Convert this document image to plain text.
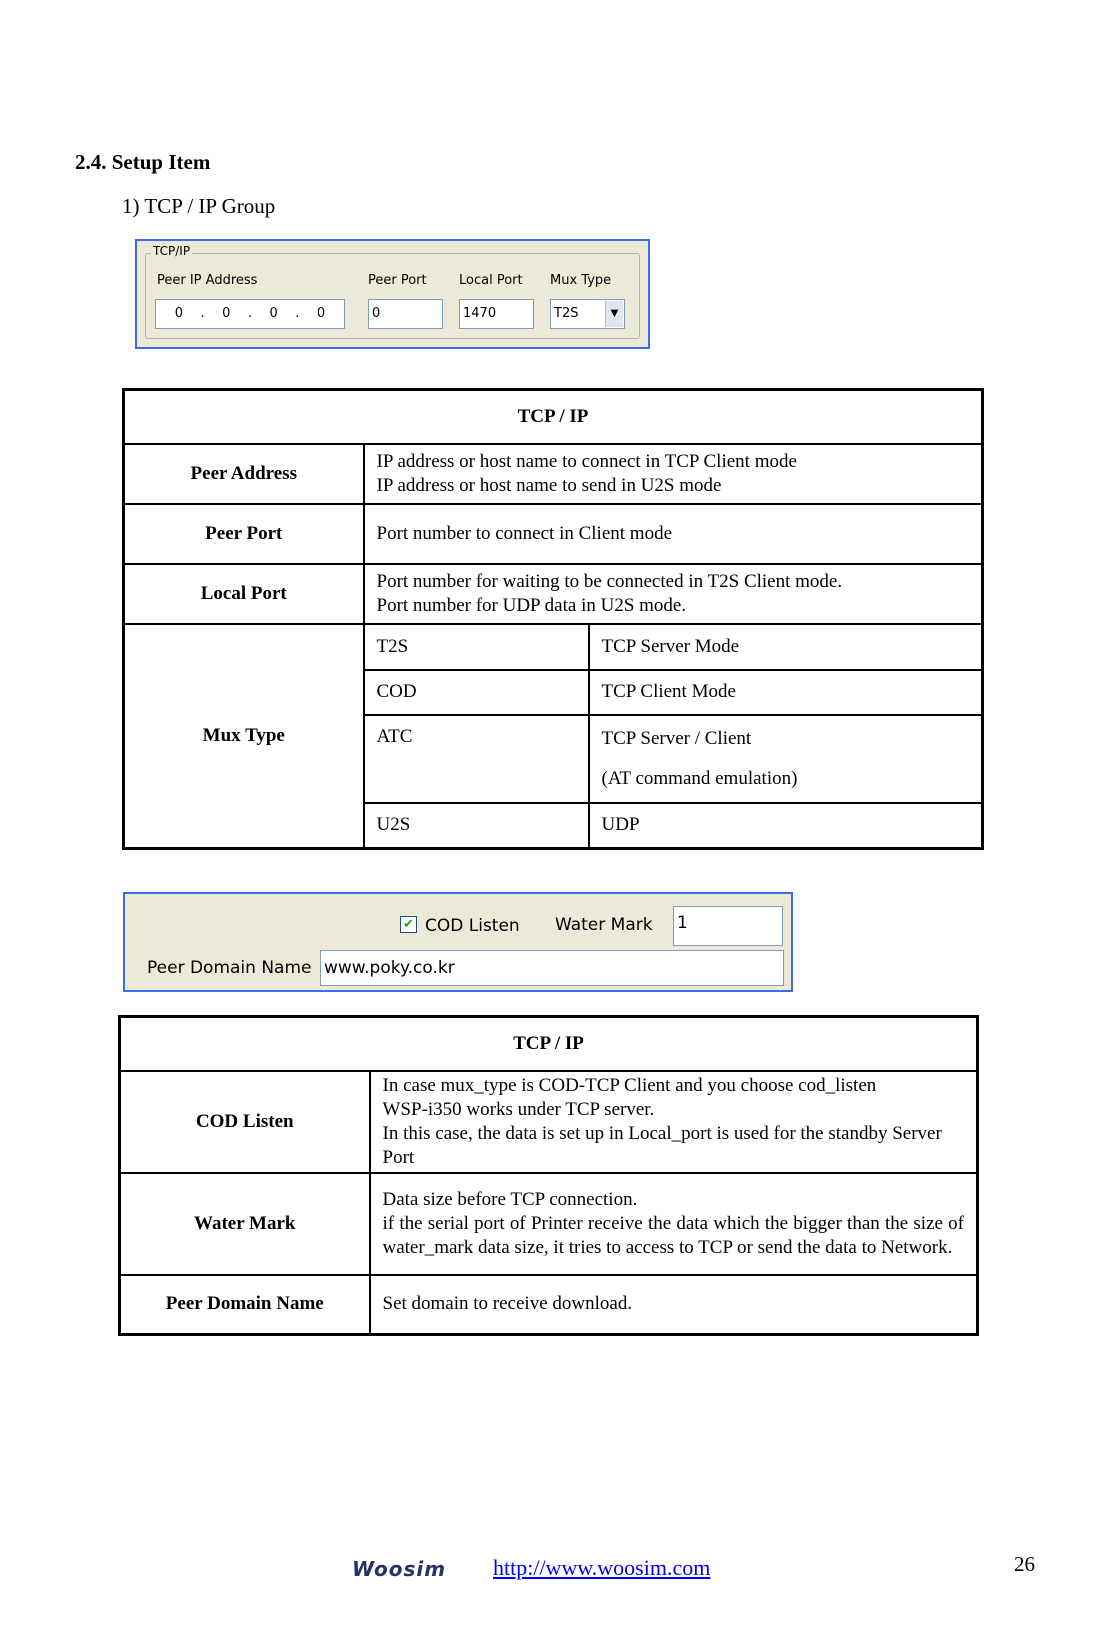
2.4. Setup Item
1) TCP / IP Group
TCP/IP
Peer IP Address	Peer Port Local Port Mux Type
0 . 0 . 0 . 0	0	1470	T2S	▼
TCP / IP		
Peer Address	IP address or host name to connect in TCP Client mode
IP address or host name to send in U2S mode	

Peer Port	Port number to connect in Client mode	
Local Port	Port number for waiting to be connected in T2S Client mode.
Port number for UDP data in U2S mode.	

Mux Type	T2S	TCP Server Mode
	COD	TCP Client Mode
	ATC	TCP Server / Client
(AT command emulation)

	U2S	UDP
✔ COD Listen Water Mark 1
Peer Domain Name www.poky.co.kr
TCP / IP	
COD Listen	In case mux_type is COD-TCP Client and you choose cod_listen
WSP-i350 works under TCP server.
In this case, the data is set up in Local_port is used for the standby Server Port

Water Mark	Data size before TCP connection.
if the serial port of Printer receive the data which the bigger than the size of water_mark data size, it tries to access to TCP or send the data to Network.

Peer Domain Name	Set domain to receive download.
Woosim http://www.woosim.com	26
